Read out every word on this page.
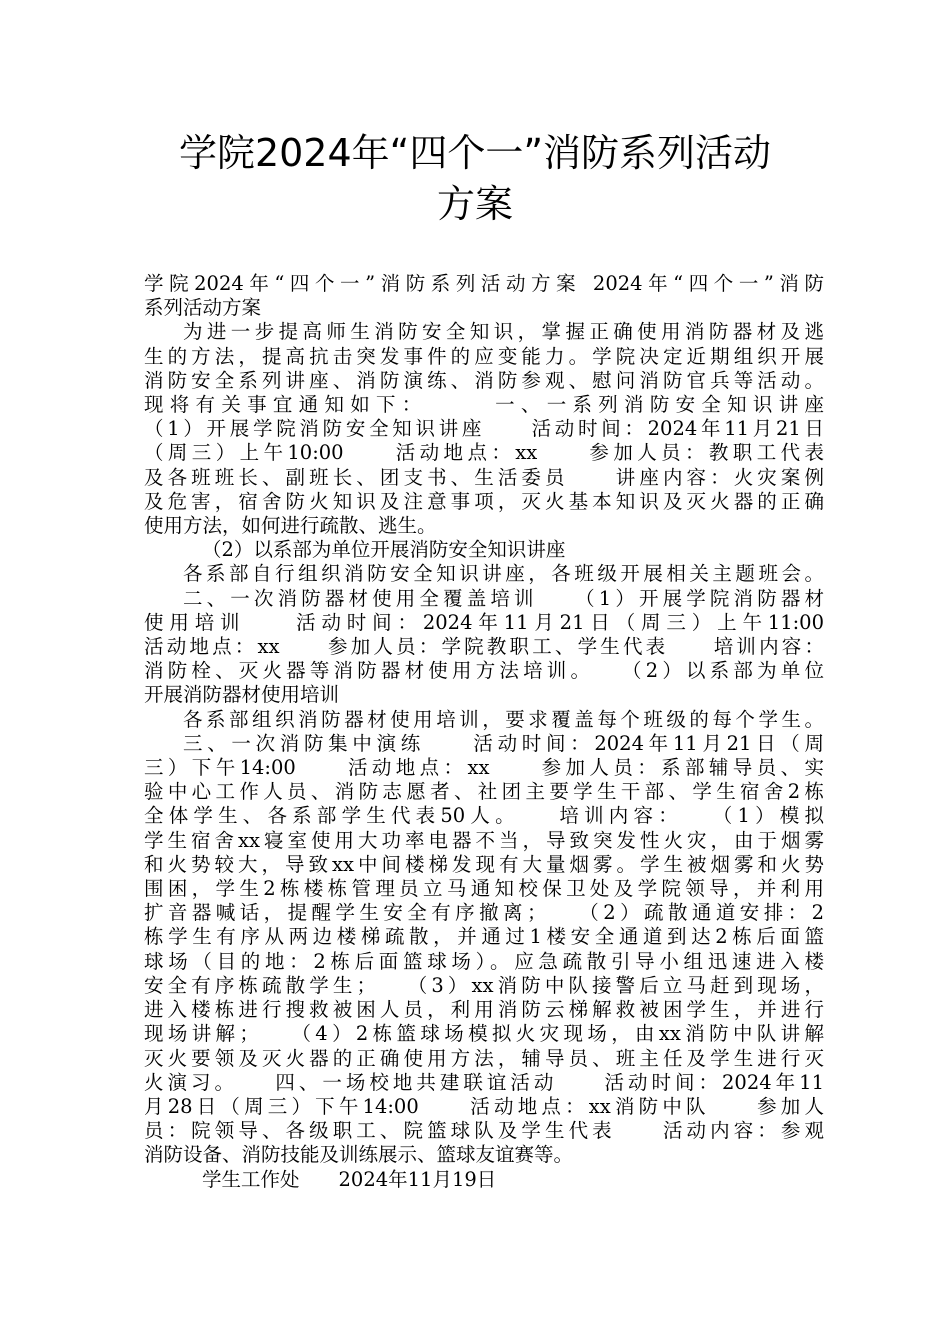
学院2024年“四个一”消防系列活动
方案

学院2024年“四个一”消防系列活动方案 2024年“四个一”消防

系列活动方案

为进一步提高师生消防安全知识，掌握正确使用消防器材及逃

生的方法，提高抗击突发事件的应变能力。学院决定近期组织开展

消防安全系列讲座、消防演练、消防参观、慰问消防官兵等活动。

现将有关事宜通知如下：　　　一、一系列消防安全知识讲座

（1）开展学院消防安全知识讲座　　活动时间：2024年11月21日

（周三）上午10:00　　活动地点：xx　　参加人员：教职工代表

及各班班长、副班长、团支书、生活委员　　讲座内容：火灾案例

及危害，宿舍防火知识及注意事项，灭火基本知识及灭火器的正确

使用方法，如何进行疏散、逃生。

（2）以系部为单位开展消防安全知识讲座

各系部自行组织消防安全知识讲座，各班级开展相关主题班会。

二、一次消防器材使用全覆盖培训　　（1）开展学院消防器材

使用培训　　活动时间：2024年11月21日（周三）上午11:00

活动地点：xx　　参加人员：学院教职工、学生代表　　培训内容：

消防栓、灭火器等消防器材使用方法培训。　　（2）以系部为单位

开展消防器材使用培训

各系部组织消防器材使用培训，要求覆盖每个班级的每个学生。

三、一次消防集中演练　　活动时间：2024年11月21日（周

三）下午14:00　　活动地点：xx　　参加人员：系部辅导员、实

验中心工作人员、消防志愿者、社团主要学生干部、学生宿舍2栋

全体学生、各系部学生代表50人。　　培训内容：　　（1）模拟

学生宿舍xx寝室使用大功率电器不当，导致突发性火灾，由于烟雾

和火势较大，导致xx中间楼梯发现有大量烟雾。学生被烟雾和火势

围困，学生2栋楼栋管理员立马通知校保卫处及学院领导，并利用

扩音器喊话，提醒学生安全有序撤离；　　（2）疏散通道安排：2

栋学生有序从两边楼梯疏散，并通过1楼安全通道到达2栋后面篮

球场（目的地：2栋后面篮球场）。应急疏散引导小组迅速进入楼

安全有序栋疏散学生；　　（3）xx消防中队接警后立马赶到现场，

进入楼栋进行搜救被困人员，利用消防云梯解救被困学生，并进行

现场讲解；　　（4）2栋篮球场模拟火灾现场，由xx消防中队讲解

灭火要领及灭火器的正确使用方法，辅导员、班主任及学生进行灭

火演习。　　四、一场校地共建联谊活动　　活动时间：2024年11

月28日（周三）下午14:00　　活动地点：xx消防中队　　参加人

员：院领导、各级职工、院篮球队及学生代表　　活动内容：参观

消防设备、消防技能及训练展示、篮球友谊赛等。

学生工作处　　2024年11月19日
